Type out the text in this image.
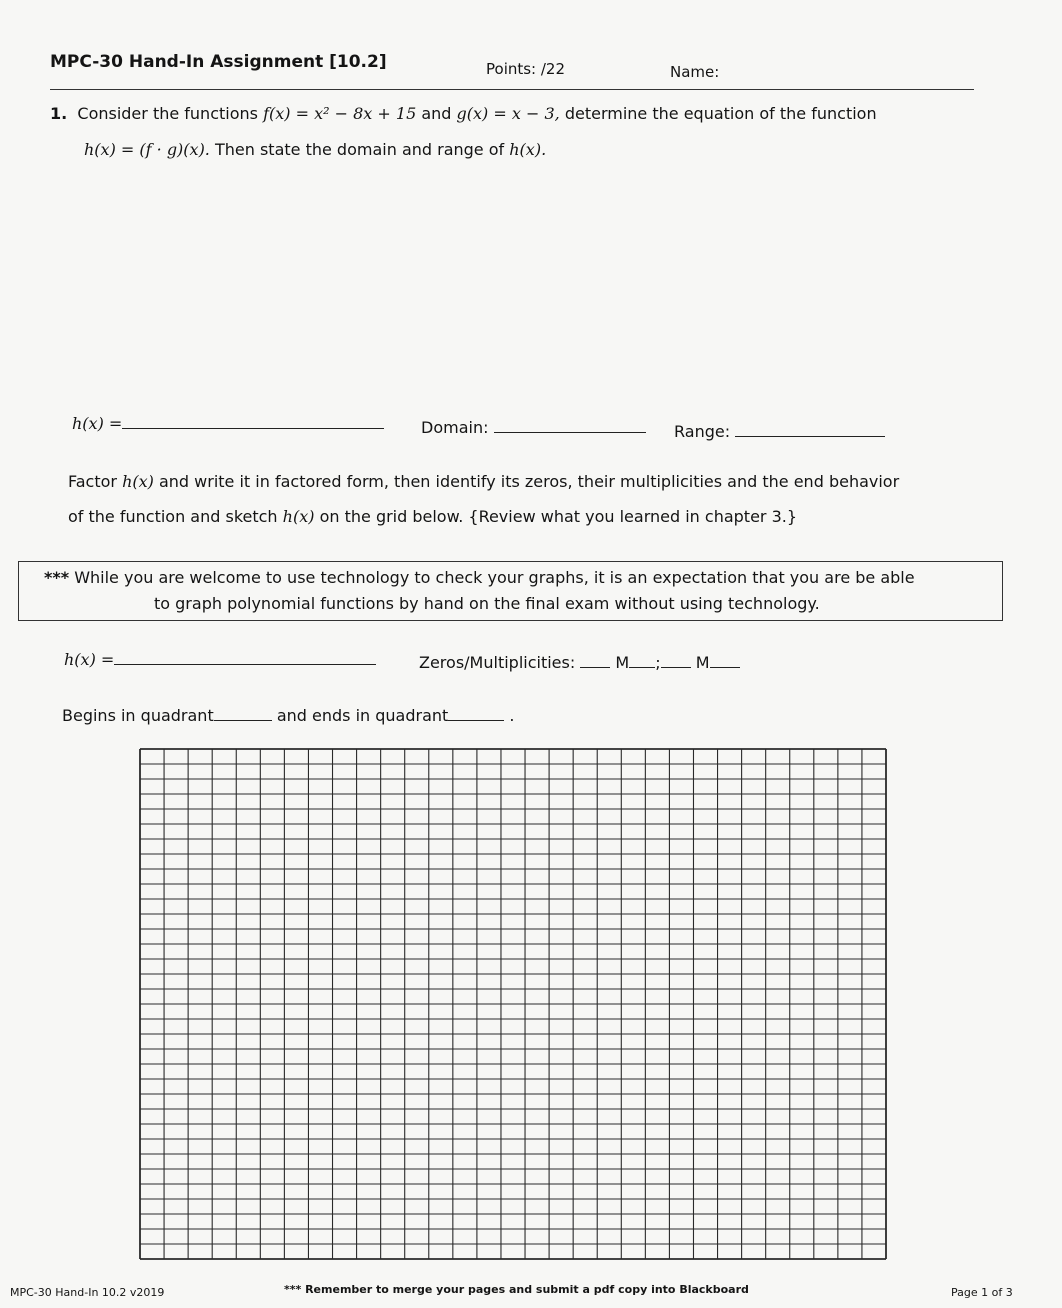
MPC-30 Hand-In Assignment [10.2]	Points: /22	Name:
1. Consider the functions f(x) = x² − 8x + 15 and g(x) = x − 3, determine the equation of the function
h(x) = (f · g)(x). Then state the domain and range of h(x).
h(x) =	Domain:	Range:
Factor h(x) and write it in factored form, then identify its zeros, their multiplicities and the end behavior
of the function and sketch h(x) on the grid below. {Review what you learned in chapter 3.}
*** While you are welcome to use technology to check your graphs, it is an expectation that you are be able
to graph polynomial functions by hand on the final exam without using technology.
h(x) =	Zeros/Multiplicities:	M ; M
Begins in quadrant	and ends in quadrant	.
MPC-30 Hand-In 10.2 v2019	*** Remember to merge your pages and submit a pdf copy into Blackboard	Page 1 of 3
